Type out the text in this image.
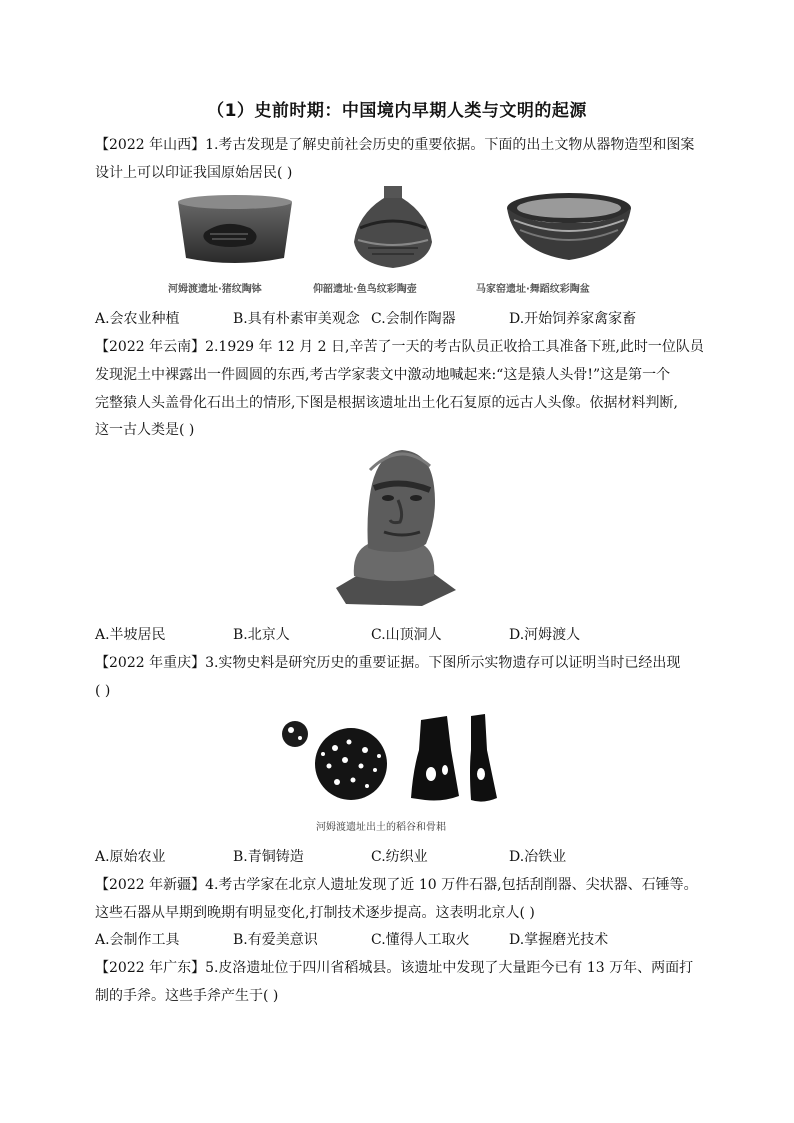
（1）史前时期：中国境内早期人类与文明的起源
【2022 年山西】1.考古发现是了解史前社会历史的重要依据。下面的出土文物从器物造型和图案
设计上可以印证我国原始居民( )
河姆渡遗址·猪纹陶钵	仰韶遗址·鱼鸟纹彩陶壶	马家窑遗址·舞蹈纹彩陶盆
A.会农业种植	B.具有朴素审美观念 C.会制作陶器	D.开始饲养家禽家畜
【2022 年云南】2.1929 年 12 月 2 日,辛苦了一天的考古队员正收拾工具准备下班,此时一位队员
发现泥土中裸露出一件圆圆的东西,考古学家裴文中激动地喊起来:“这是猿人头骨!”这是第一个
完整猿人头盖骨化石出土的情形,下图是根据该遗址出土化石复原的远古人头像。依据材料判断,
这一古人类是( )
A.半坡居民	B.北京人	C.山顶洞人	D.河姆渡人
【2022 年重庆】3.实物史料是研究历史的重要证据。下图所示实物遗存可以证明当时已经出现
( )
河姆渡遗址出土的稻谷和骨耜
A.原始农业	B.青铜铸造	C.纺织业	D.冶铁业
【2022 年新疆】4.考古学家在北京人遗址发现了近 10 万件石器,包括刮削器、尖状器、石锤等。
这些石器从早期到晚期有明显变化,打制技术逐步提高。这表明北京人( )
A.会制作工具	B.有爱美意识	C.懂得人工取火	D.掌握磨光技术
【2022 年广东】5.皮洛遗址位于四川省稻城县。该遗址中发现了大量距今已有 13 万年、两面打
制的手斧。这些手斧产生于( )
